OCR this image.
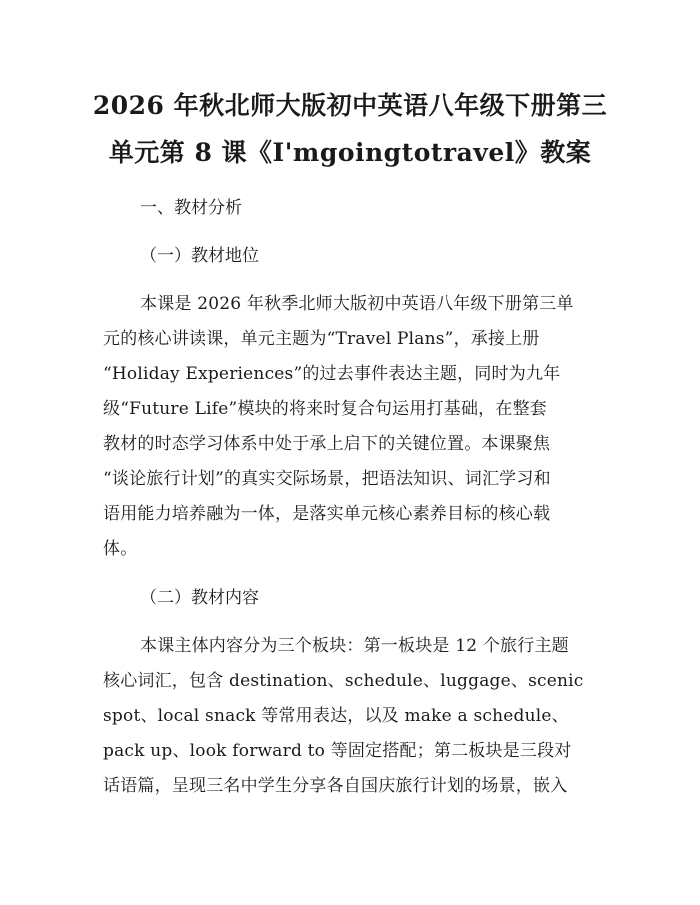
2026 年秋北师大版初中英语八年级下册第三
单元第 8 课《I'mgoingtotravel》教案
一、教材分析
（一）教材地位
本课是 2026 年秋季北师大版初中英语八年级下册第三单
元的核心讲读课，单元主题为“Travel Plans”，承接上册
“Holiday Experiences”的过去事件表达主题，同时为九年
级“Future Life”模块的将来时复合句运用打基础，在整套
教材的时态学习体系中处于承上启下的关键位置。本课聚焦
“谈论旅行计划”的真实交际场景，把语法知识、词汇学习和
语用能力培养融为一体，是落实单元核心素养目标的核心载
体。
（二）教材内容
本课主体内容分为三个板块：第一板块是 12 个旅行主题
核心词汇，包含 destination、schedule、luggage、scenic
spot、local snack 等常用表达，以及 make a schedule、
pack up、look forward to 等固定搭配；第二板块是三段对
话语篇，呈现三名中学生分享各自国庆旅行计划的场景，嵌入
